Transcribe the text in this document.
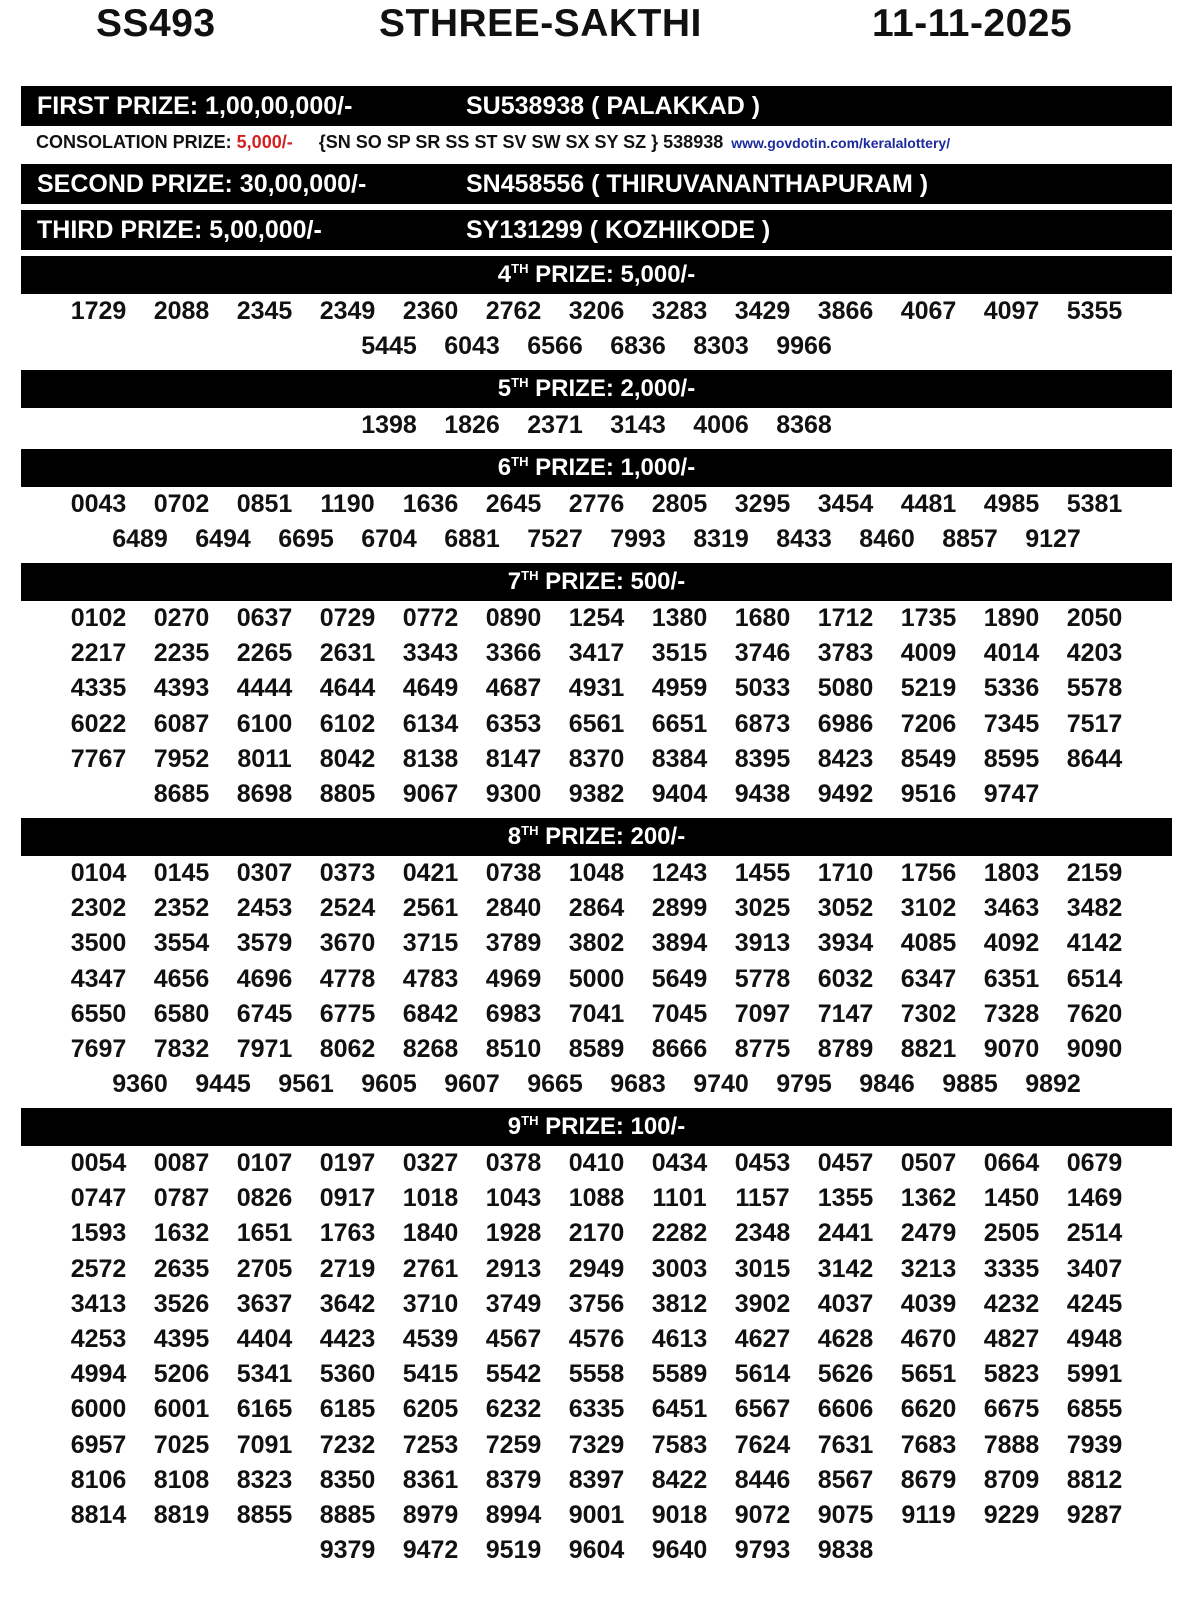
SS493	STHREE-SAKTHI	11-11-2025
FIRST PRIZE: 1,00,00,000/-	SU538938 ( PALAKKAD )
CONSOLATION PRIZE: 5,000/- {SN SO SP SR SS ST SV SW SX SY SZ } 538938 www.govdotin.com/keralalottery/
SECOND PRIZE: 30,00,000/-	SN458556 ( THIRUVANANTHAPURAM )
THIRD PRIZE: 5,00,000/-	SY131299 ( KOZHIKODE )
4TH PRIZE: 5,000/-
1729	2088	2345	2349	2360	2762	3206	3283	3429	3866	4067	4097	5355
5445	6043	6566	6836	8303	9966
5TH PRIZE: 2,000/-
1398	1826	2371	3143	4006	8368
6TH PRIZE: 1,000/-
0043	0702	0851	1190	1636	2645	2776	2805	3295	3454	4481	4985	5381
6489	6494	6695	6704	6881	7527	7993	8319	8433	8460	8857	9127
7TH PRIZE: 500/-
0102	0270	0637	0729	0772	0890	1254	1380	1680	1712	1735	1890	2050
2217	2235	2265	2631	3343	3366	3417	3515	3746	3783	4009	4014	4203
4335	4393	4444	4644	4649	4687	4931	4959	5033	5080	5219	5336	5578
6022	6087	6100	6102	6134	6353	6561	6651	6873	6986	7206	7345	7517
7767	7952	8011	8042	8138	8147	8370	8384	8395	8423	8549	8595	8644
8685	8698	8805	9067	9300	9382	9404	9438	9492	9516	9747
8TH PRIZE: 200/-
0104	0145	0307	0373	0421	0738	1048	1243	1455	1710	1756	1803	2159
2302	2352	2453	2524	2561	2840	2864	2899	3025	3052	3102	3463	3482
3500	3554	3579	3670	3715	3789	3802	3894	3913	3934	4085	4092	4142
4347	4656	4696	4778	4783	4969	5000	5649	5778	6032	6347	6351	6514
6550	6580	6745	6775	6842	6983	7041	7045	7097	7147	7302	7328	7620
7697	7832	7971	8062	8268	8510	8589	8666	8775	8789	8821	9070	9090
9360	9445	9561	9605	9607	9665	9683	9740	9795	9846	9885	9892
9TH PRIZE: 100/-
0054	0087	0107	0197	0327	0378	0410	0434	0453	0457	0507	0664	0679
0747	0787	0826	0917	1018	1043	1088	1101	1157	1355	1362	1450	1469
1593	1632	1651	1763	1840	1928	2170	2282	2348	2441	2479	2505	2514
2572	2635	2705	2719	2761	2913	2949	3003	3015	3142	3213	3335	3407
3413	3526	3637	3642	3710	3749	3756	3812	3902	4037	4039	4232	4245
4253	4395	4404	4423	4539	4567	4576	4613	4627	4628	4670	4827	4948
4994	5206	5341	5360	5415	5542	5558	5589	5614	5626	5651	5823	5991
6000	6001	6165	6185	6205	6232	6335	6451	6567	6606	6620	6675	6855
6957	7025	7091	7232	7253	7259	7329	7583	7624	7631	7683	7888	7939
8106	8108	8323	8350	8361	8379	8397	8422	8446	8567	8679	8709	8812
8814	8819	8855	8885	8979	8994	9001	9018	9072	9075	9119	9229	9287
9379	9472	9519	9604	9640	9793	9838
